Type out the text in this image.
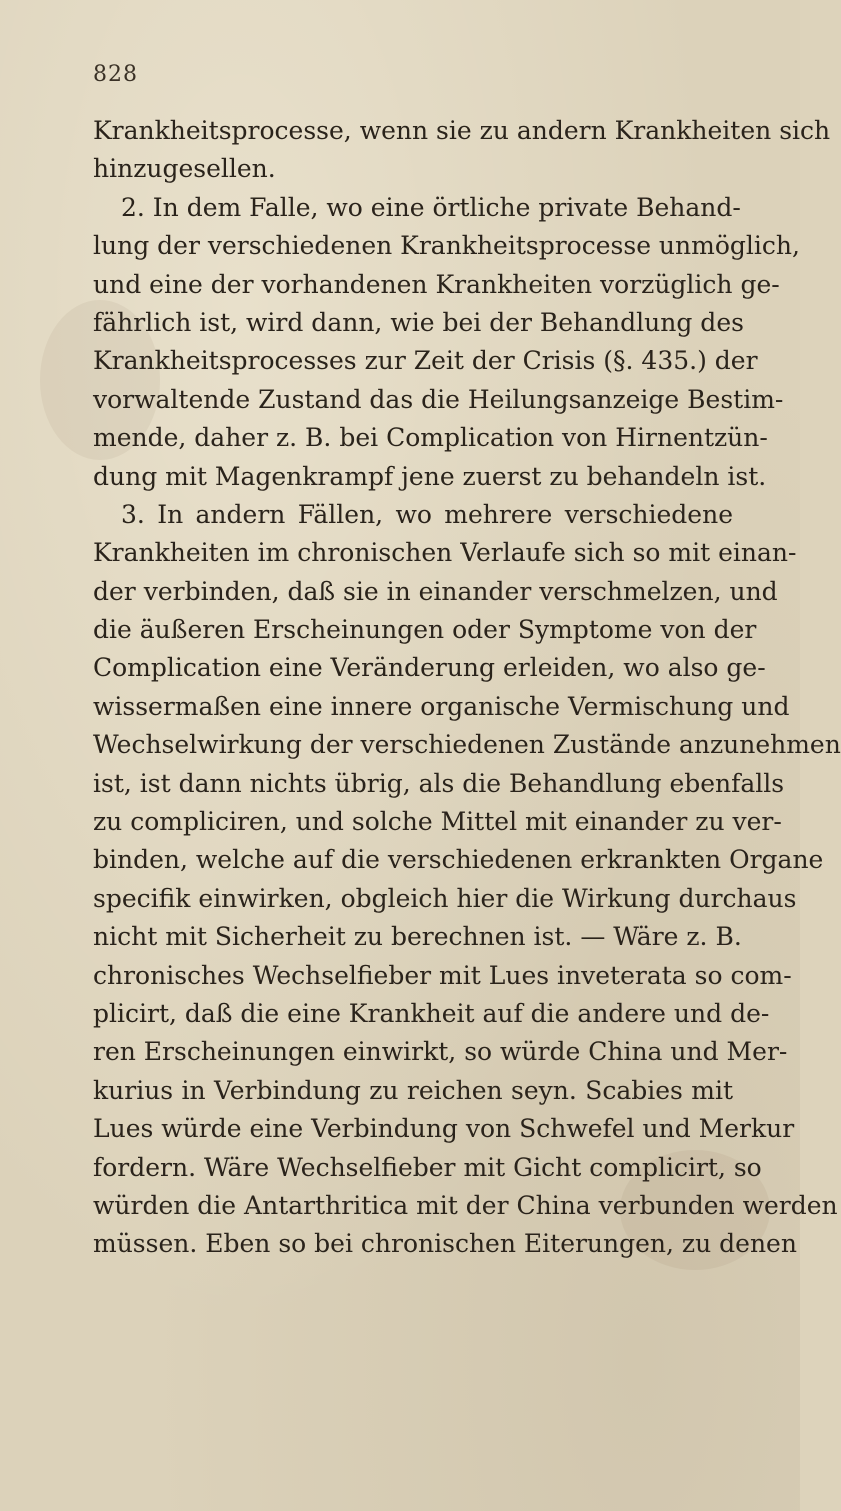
828
Krankheitsprocesse, wenn sie zu andern Krankheiten sich
hinzugesellen.
2. In dem Falle, wo eine örtliche private Behand-
lung der verschiedenen Krankheitsprocesse unmöglich,
und eine der vorhandenen Krankheiten vorzüglich ge-
fährlich ist, wird dann, wie bei der Behandlung des
Krankheitsprocesses zur Zeit der Crisis (§. 435.) der
vorwaltende Zustand das die Heilungsanzeige Bestim-
mende, daher z. B. bei Complication von Hirnentzün-
dung mit Magenkrampf jene zuerst zu behandeln ist.
3. In andern Fällen, wo mehrere verschiedene
Krankheiten im chronischen Verlaufe sich so mit einan-
der verbinden, daß sie in einander verschmelzen, und
die äußeren Erscheinungen oder Symptome von der
Complication eine Veränderung erleiden, wo also ge-
wissermaßen eine innere organische Vermischung und
Wechselwirkung der verschiedenen Zustände anzunehmen
ist, ist dann nichts übrig, als die Behandlung ebenfalls
zu compliciren, und solche Mittel mit einander zu ver-
binden, welche auf die verschiedenen erkrankten Organe
specifik einwirken, obgleich hier die Wirkung durchaus
nicht mit Sicherheit zu berechnen ist. — Wäre z. B.
chronisches Wechselfieber mit Lues inveterata so com-
plicirt, daß die eine Krankheit auf die andere und de-
ren Erscheinungen einwirkt, so würde China und Mer-
kurius in Verbindung zu reichen seyn. Scabies mit
Lues würde eine Verbindung von Schwefel und Merkur
fordern. Wäre Wechselfieber mit Gicht complicirt, so
würden die Antarthritica mit der China verbunden werden
müssen. Eben so bei chronischen Eiterungen, zu denen
